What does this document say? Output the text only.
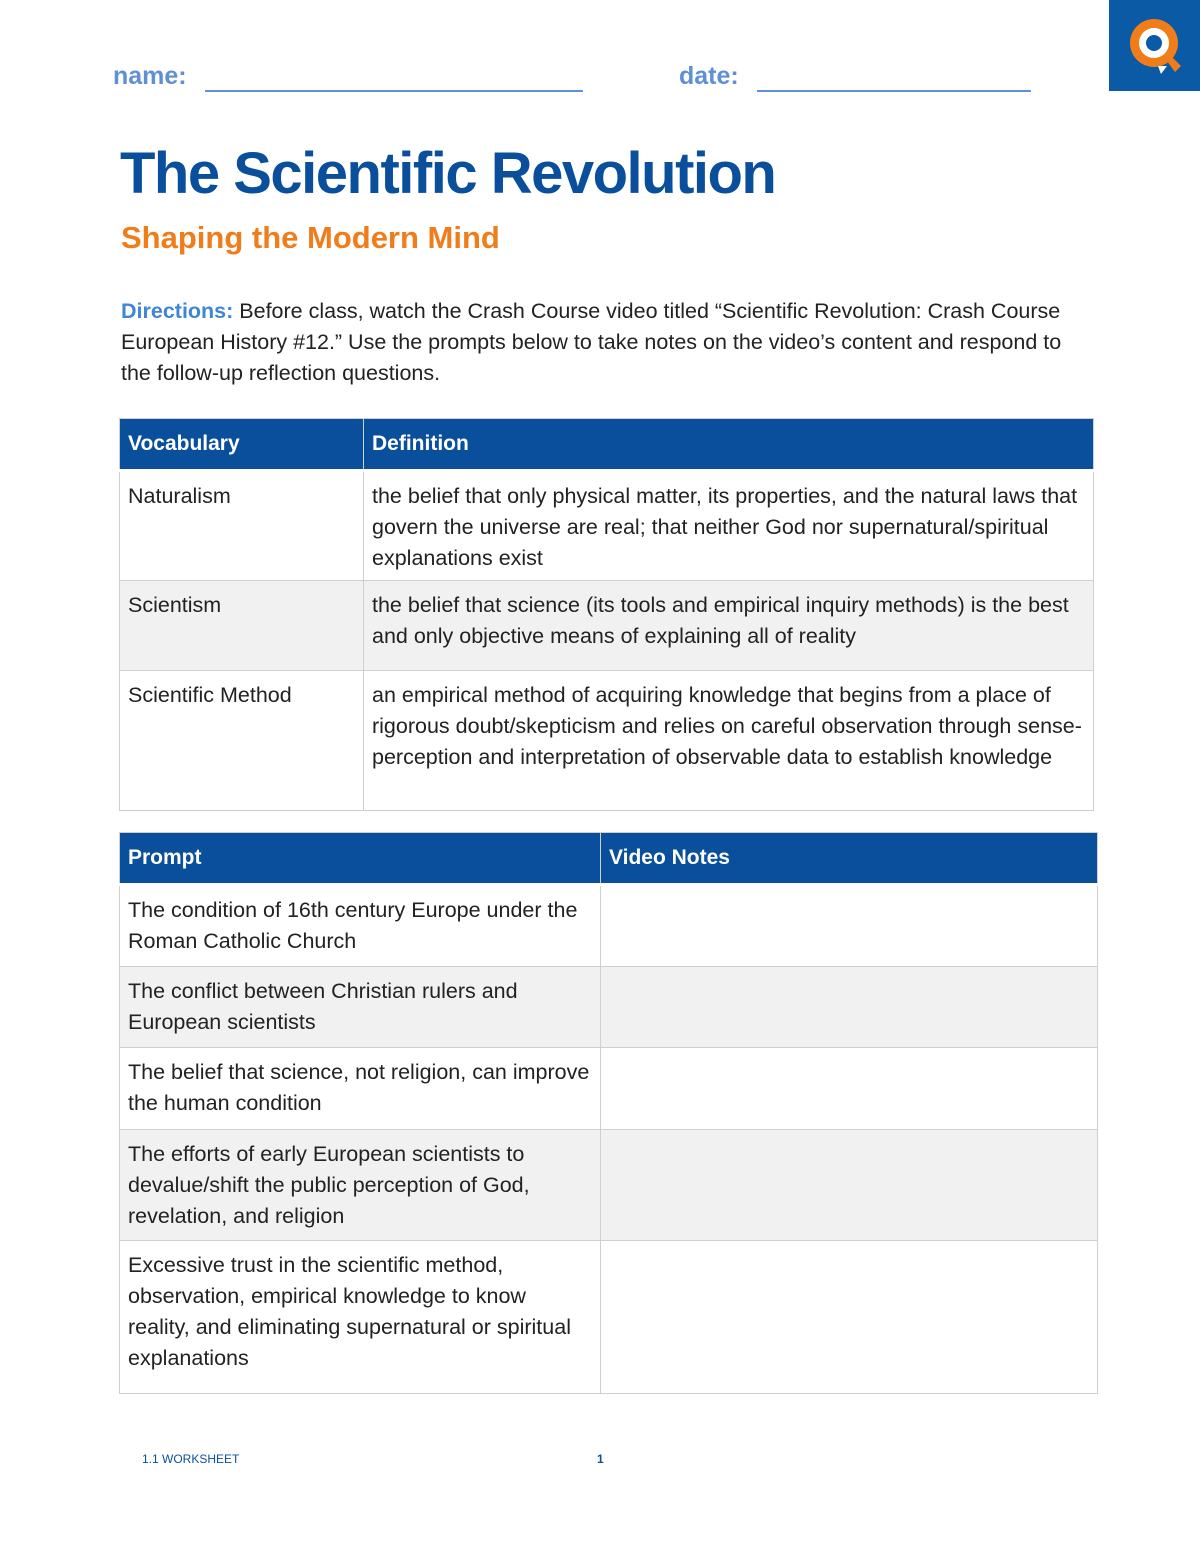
name:	date:
The Scientific Revolution
Shaping the Modern Mind

Directions: Before class, watch the Crash Course video titled “Scientific Revolution: Crash Course European History #12.” Use the prompts below to take notes on the video’s content and respond to the follow-up reflection questions.

Vocabulary	Definition
Naturalism	the belief that only physical matter, its properties, and the natural laws that govern the universe are real; that neither God nor supernatural/spiritual explanations exist
Scientism	the belief that science (its tools and empirical inquiry methods) is the best and only objective means of explaining all of reality
Scientific Method	an empirical method of acquiring knowledge that begins from a place of rigorous doubt/skepticism and relies on careful observation through sense-perception and interpretation of observable data to establish knowledge
Prompt	Video Notes
The condition of 16th century Europe under the Roman Catholic Church	
The conflict between Christian rulers and European scientists	
The belief that science, not religion, can improve the human condition	
The efforts of early European scientists to devalue/shift the public perception of God, revelation, and religion	
Excessive trust in the scientific method, observation, empirical knowledge to know reality, and eliminating supernatural or spiritual explanations	
1.1 WORKSHEET	1
